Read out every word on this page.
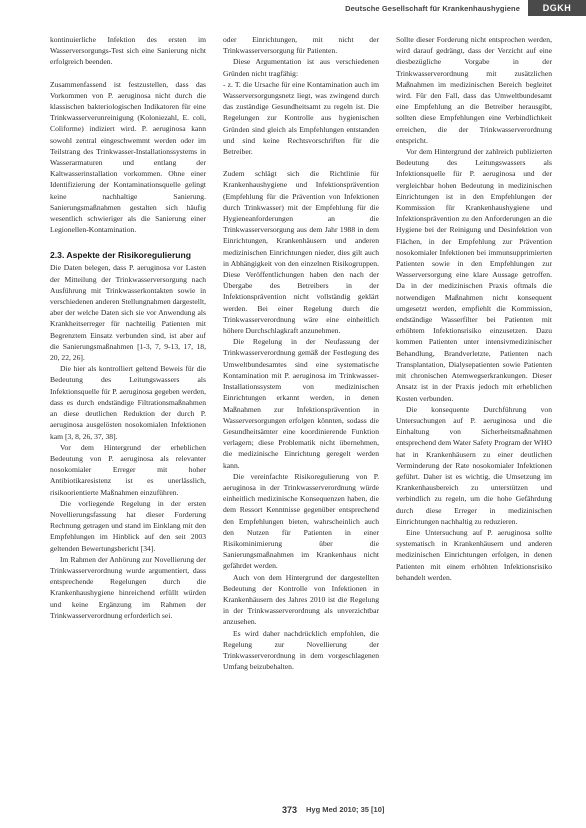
Deutsche Gesellschaft für Krankenhaushygiene	DGKH

kontinuierliche Infektion des ersten im Wasserversorgungs-Test sich eine Sanierung nicht erfolgreich beenden.

Zusammenfassend ist festzustellen, dass das Vorkommen von P. aeruginosa nicht durch die klassischen bakteriologischen Indikatoren für eine Trinkwasserverunreinigung (Koloniezahl, E. coli, Coliforme) indiziert wird. P. aeruginosa kann sowohl zentral eingeschwemmt werden oder im Teilstrang des Trinkwasser-Installationssystems in Wasserarmaturen und entlang der Kaltwasserinstallation vorkommen. Ohne einer Identifizierung der Kontaminationsquelle gelingt keine nachhaltige Sanierung. Sanierungsmaßnahmen gestalten sich häufig wesentlich schwieriger als die Sanierung einer Legionellen-Kontamination.

2.3. Aspekte der Risikoregulierung

Die Daten belegen, dass P. aeruginosa vor Lasten der Mitteilung der Trinkwasserversorgung nach Ausführung mit Trinkwasserkontakten sowie in verschiedenen anderen Stellungnahmen dargestellt, aber der welche Daten sich sie vor Anwendung als Krankheitserreger für nachteilig Patienten mit Begrenztem Einsatz verbunden sind, ist aber auf die Sanierungsmaßnahmen [1-3, 7, 9-13, 17, 18, 20, 22, 26].

Die hier als kontrolliert geltend Beweis für die Bedeutung des Leitungswassers als Infektionsquelle für P. aeruginosa gegeben werden, dass es durch endständige Filtrationsmaßnahmen an diese deutlichen Reduktion der durch P. aeruginosa ausgelösten nosokomialen Infektionen kam [3, 8, 26, 37, 38].

Vor dem Hintergrund der erheblichen Bedeutung von P. aeruginosa als relevanter nosokomialer Erreger mit hoher Antibiotikaresistenz ist es unerlässlich, risikoorientierte Maßnahmen einzuführen.

Die vorliegende Regelung in der ersten Novellierungsfassung hat dieser Forderung Rechnung getragen und stand im Einklang mit den Empfehlungen im Hinblick auf den seit 2003 geltenden Bewertungsbericht [34].

Im Rahmen der Anhörung zur Novellierung der Trinkwasserverordnung wurde argumentiert, dass entsprechende Regelungen durch die Krankenhaushygiene hinreichend erfüllt würden und keine Ergänzung im Rahmen der Trinkwasserverordnung erforderlich sei.

oder Einrichtungen, mit nicht der Trinkwasserversorgung für Patienten.

Diese Argumentation ist aus verschiedenen Gründen nicht tragfähig:

- z. T. die Ursache für eine Kontamination auch im Wasserversorgungsnetz liegt, was zwingend durch das zuständige Gesundheitsamt zu regeln ist. Die Regelungen zur Kontrolle aus hygienischen Gründen sind gleich als Empfehlungen entstanden und sind keine Rechtsvorschriften für die Betreiber.

Zudem schlägt sich die Richtlinie für Krankenhaushygiene und Infektionsprävention (Empfehlung für die Prävention von Infektionen durch Trinkwasser) mit der Empfehlung für die Hygieneanforderungen an die Trinkwasserversorgung aus dem Jahr 1988 in dem Einrichtungen, Krankenhäusern und anderen medizinischen Einrichtungen nieder, dies gilt auch in Abhängigkeit von den einzelnen Risikogruppen. Diese Veröffentlichungen haben den nach der Übergabe des Betreibers in der Infektionsprävention nicht vollständig geklärt werden. Bei einer Regelung durch die Trinkwasserverordnung wäre eine einheitlich höhere Durchschlagkraft anzunehmen.

Die Regelung in der Neufassung der Trinkwasserverordnung gemäß der Festlegung des Umweltbundesamtes sind eine systematische Kontamination mit P. aeruginosa im Trinkwasser-Installationssystem von medizinischen Einrichtungen erkannt werden, in denen Maßnahmen zur Infektionsprävention in Wasserversorgungen erfolgen könnten, sodass die Gesundheitsämter eine koordinierende Funktion verlagern; diese Problematik nicht übernehmen, die medizinische Einrichtung geregelt werden kann.

Die vereinfachte Risikoregulierung von P. aeruginosa in der Trinkwasserverordnung würde einheitlich medizinische Konsequenzen haben, die dem Ressort Kenntnisse gegenüber entsprechend den Empfehlungen bieten, wahrscheinlich auch den Nutzen für Patienten in einer Risikominimierung über die Sanierungsmaßnahmen im Krankenhaus nicht gefährdet werden.

Auch von dem Hintergrund der dargestellten Bedeutung der Kontrolle von Infektionen in Krankenhäusern des Jahres 2010 ist die Regelung in der Trinkwasserverordnung als unverzichtbar anzusehen.

Es wird daher nachdrücklich empfohlen, die Regelung zur Novellierung der Trinkwasserverordnung in dem vorgeschlagenen Umfang beizubehalten.

Sollte dieser Forderung nicht entsprochen werden, wird darauf gedrängt, dass der Verzicht auf eine diesbezügliche Vorgabe in der Trinkwasserverordnung mit zusätzlichen Maßnahmen im medizinischen Bereich begleitet wird. Für den Fall, dass das Umweltbundesamt eine Empfehlung an die Betreiber herausgibt, sollten diese Empfehlungen eine Verbindlichkeit erreichen, die der Trinkwasserverordnung entspricht.

Vor dem Hintergrund der zahlreich publizierten Bedeutung des Leitungswassers als Infektionsquelle für P. aeruginosa und der vergleichbar hohen Bedeutung in medizinischen Einrichtungen ist in den Empfehlungen der Kommission für Krankenhaushygiene und Infektionsprävention zu den Anforderungen an die Hygiene bei der Reinigung und Desinfektion von Flächen, in der Empfehlung zur Prävention nosokomialer Infektionen bei immunsupprimierten Patienten sowie in den Empfehlungen zur Wasserversorgung eine klare Aussage getroffen. Da in der medizinischen Praxis oftmals die notwendigen Maßnahmen nicht konsequent umgesetzt werden, empfiehlt die Kommission, endständige Wasserfilter bei Patienten mit erhöhtem Infektionsrisiko einzusetzen. Dazu kommen Patienten unter intensivmedizinischer Behandlung, Brandverletzte, Patienten nach Transplantation, Dialysepatienten sowie Patienten mit chronischen Atemwegserkrankungen. Dieser Ansatz ist in der Praxis jedoch mit erheblichen Kosten verbunden.

Die konsequente Durchführung von Untersuchungen auf P. aeruginosa und die Einhaltung von Sicherheitsmaßnahmen entsprechend dem Water Safety Program der WHO hat in Krankenhäusern zu einer deutlichen Verminderung der Rate nosokomialer Infektionen geführt. Daher ist es wichtig, die Umsetzung im Krankenhausbereich zu unterstützen und verbindlich zu regeln, um die hohe Gefährdung durch diese Erreger in medizinischen Einrichtungen nachhaltig zu reduzieren.

Eine Untersuchung auf P. aeruginosa sollte systematisch in Krankenhäusern und anderen medizinischen Einrichtungen erfolgen, in denen Patienten mit einem erhöhten Infektionsrisiko behandelt werden.

373 Hyg Med 2010; 35 [10]
